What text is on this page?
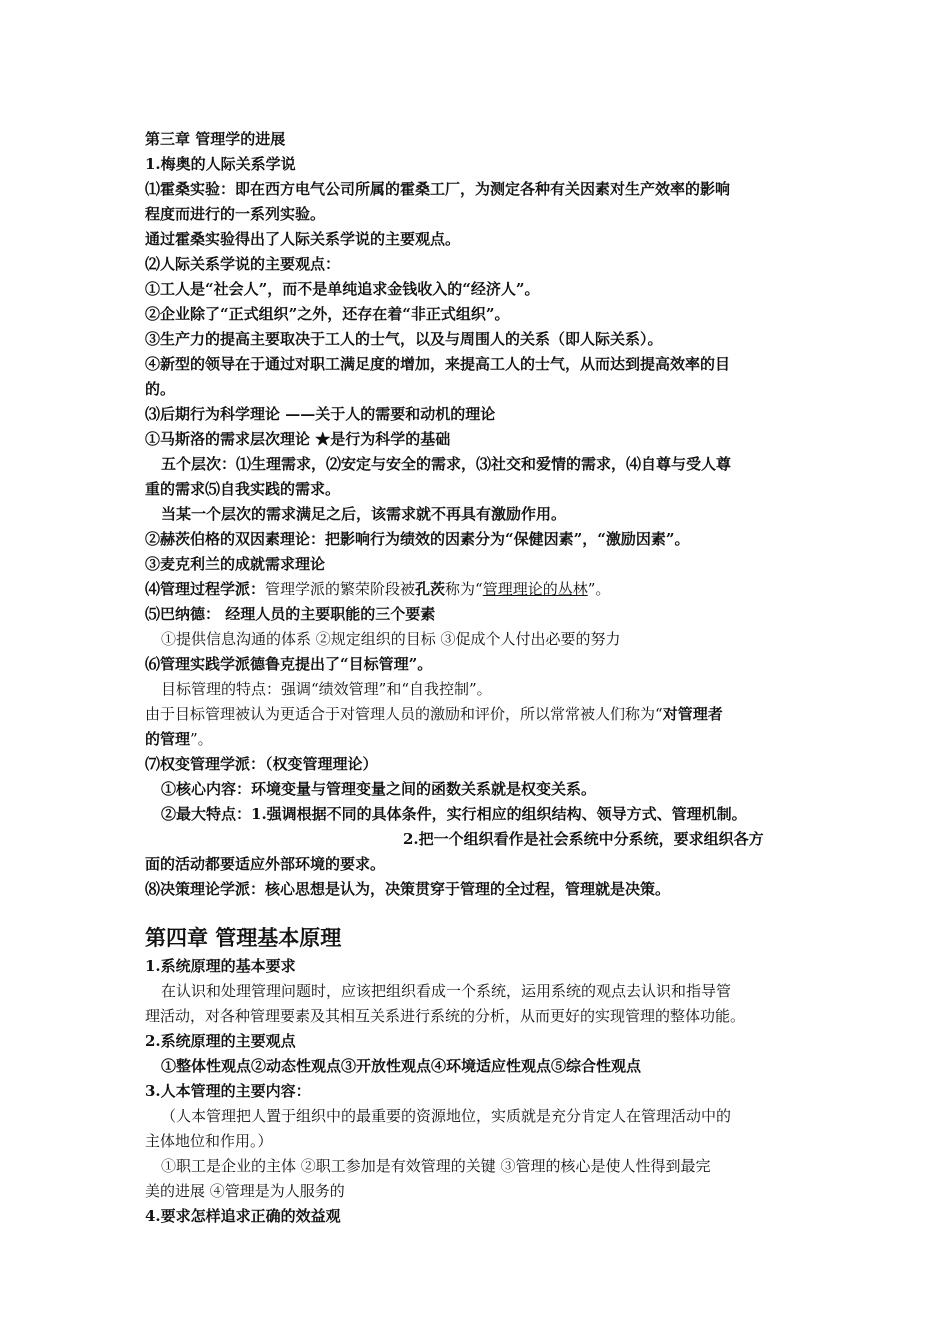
第三章 管理学的进展

1.梅奥的人际关系学说

⑴霍桑实验：即在西方电气公司所属的霍桑工厂，为测定各种有关因素对生产效率的影响

程度而进行的一系列实验。

通过霍桑实验得出了人际关系学说的主要观点。

⑵人际关系学说的主要观点：

①工人是“社会人”，而不是单纯追求金钱收入的“经济人”。

②企业除了“正式组织”之外，还存在着“非正式组织”。

③生产力的提高主要取决于工人的士气，以及与周围人的关系（即人际关系）。

④新型的领导在于通过对职工满足度的增加，来提高工人的士气，从而达到提高效率的目

的。

⑶后期行为科学理论 ——关于人的需要和动机的理论

①马斯洛的需求层次理论 ★是行为科学的基础

五个层次：⑴生理需求，⑵安定与安全的需求，⑶社交和爱情的需求，⑷自尊与受人尊

重的需求⑸自我实践的需求。

当某一个层次的需求满足之后，该需求就不再具有激励作用。

②赫茨伯格的双因素理论：把影响行为绩效的因素分为“保健因素”，“激励因素”。

③麦克利兰的成就需求理论

⑷管理过程学派：管理学派的繁荣阶段被孔茨称为“管理理论的丛林”。

⑸巴纳德： 经理人员的主要职能的三个要素

①提供信息沟通的体系 ②规定组织的目标 ③促成个人付出必要的努力

⑹管理实践学派德鲁克提出了“目标管理”。

目标管理的特点：强调“绩效管理”和“自我控制”。

由于目标管理被认为更适合于对管理人员的激励和评价，所以常常被人们称为“对管理者

的管理”。

⑺权变管理学派：（权变管理理论）

①核心内容：环境变量与管理变量之间的函数关系就是权变关系。

②最大特点：1.强调根据不同的具体条件，实行相应的组织结构、领导方式、管理机制。

2.把一个组织看作是社会系统中分系统，要求组织各方

面的活动都要适应外部环境的要求。

⑻决策理论学派：核心思想是认为，决策贯穿于管理的全过程，管理就是决策。

第四章 管理基本原理

1.系统原理的基本要求

在认识和处理管理问题时，应该把组织看成一个系统，运用系统的观点去认识和指导管

理活动，对各种管理要素及其相互关系进行系统的分析，从而更好的实现管理的整体功能。

2.系统原理的主要观点

①整体性观点②动态性观点③开放性观点④环境适应性观点⑤综合性观点

3.人本管理的主要内容：

（人本管理把人置于组织中的最重要的资源地位，实质就是充分肯定人在管理活动中的

主体地位和作用。）

①职工是企业的主体 ②职工参加是有效管理的关键 ③管理的核心是使人性得到最完

美的进展 ④管理是为人服务的

4.要求怎样追求正确的效益观
